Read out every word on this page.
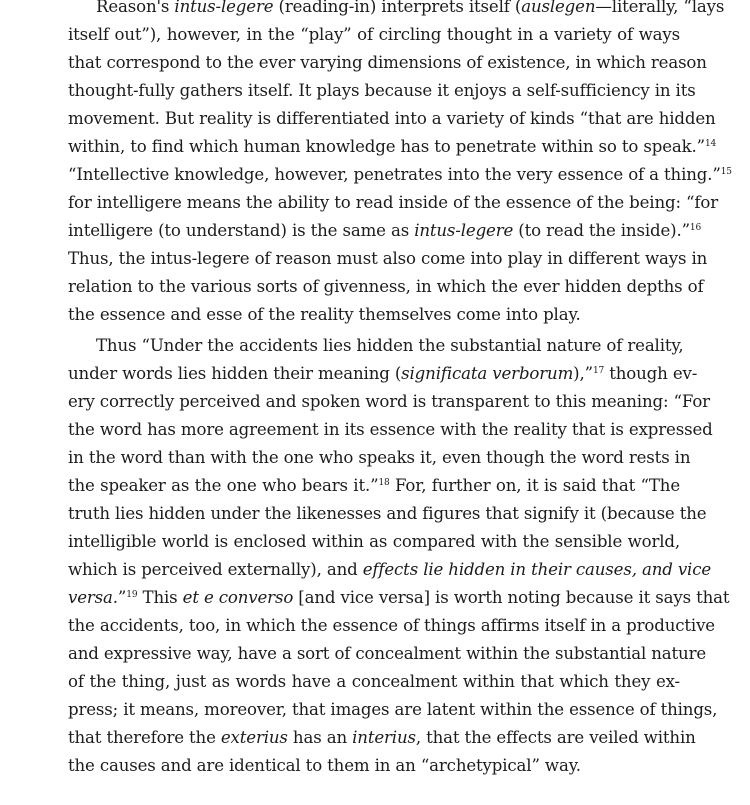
Reason's intus-legere (reading-in) interprets itself (auslegen—literally, “lays
itself out”), however, in the “play” of circling thought in a variety of ways
that correspond to the ever varying dimensions of existence, in which reason
thought-fully gathers itself. It plays because it enjoys a self-sufficiency in its
movement. But reality is differentiated into a variety of kinds “that are hidden
within, to find which human knowledge has to penetrate within so to speak.”$^{14}$
“Intellective knowledge, however, penetrates into the very essence of a thing.”$^{15}$
for intelligere means the ability to read inside of the essence of the being: “for
intelligere (to understand) is the same as intus-legere (to read the inside).”$^{16}$
Thus, the intus-legere of reason must also come into play in different ways in
relation to the various sorts of givenness, in which the ever hidden depths of
the essence and esse of the reality themselves come into play.
Thus “Under the accidents lies hidden the substantial nature of reality,
under words lies hidden their meaning (significata verborum),”$^{17}$ though ev-
ery correctly perceived and spoken word is transparent to this meaning: “For
the word has more agreement in its essence with the reality that is expressed
in the word than with the one who speaks it, even though the word rests in
the speaker as the one who bears it.”$^{18}$ For, further on, it is said that “The
truth lies hidden under the likenesses and figures that signify it (because the
intelligible world is enclosed within as compared with the sensible world,
which is perceived externally), and effects lie hidden in their causes, and vice
versa.”$^{19}$ This et e converso [and vice versa] is worth noting because it says that
the accidents, too, in which the essence of things affirms itself in a productive
and expressive way, have a sort of concealment within the substantial nature
of the thing, just as words have a concealment within that which they ex-
press; it means, moreover, that images are latent within the essence of things,
that therefore the exterius has an interius, that the effects are veiled within
the causes and are identical to them in an “archetypical” way.
